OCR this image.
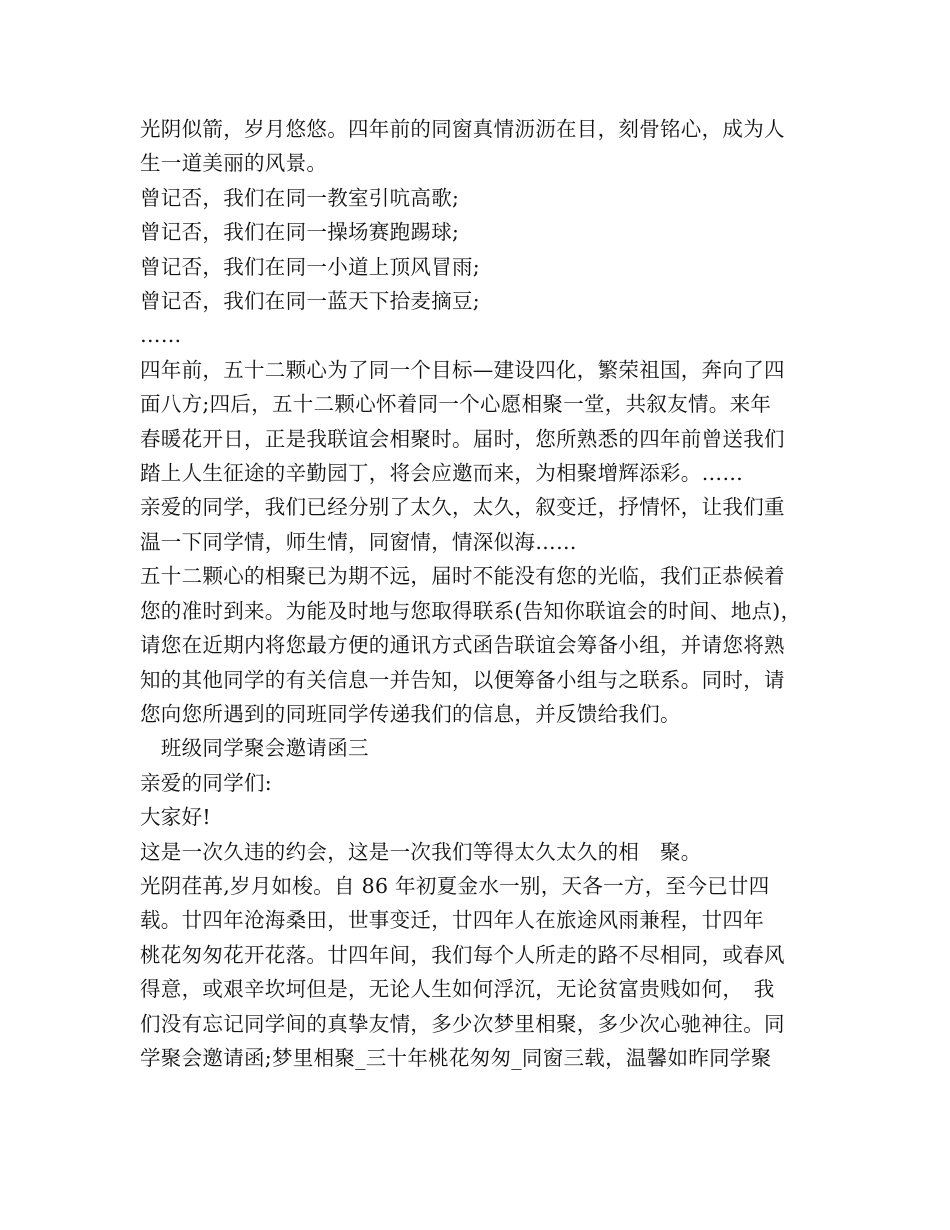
光阴似箭，岁月悠悠。四年前的同窗真情沥沥在目，刻骨铭心，成为人

生一道美丽的风景。

曾记否，我们在同一教室引吭高歌;

曾记否，我们在同一操场赛跑踢球;

曾记否，我们在同一小道上顶风冒雨;

曾记否，我们在同一蓝天下拾麦摘豆;

……

四年前，五十二颗心为了同一个目标—建设四化，繁荣祖国，奔向了四

面八方;四后，五十二颗心怀着同一个心愿相聚一堂，共叙友情。来年

春暖花开日，正是我联谊会相聚时。届时，您所熟悉的四年前曾送我们

踏上人生征途的辛勤园丁，将会应邀而来，为相聚增辉添彩。……

亲爱的同学，我们已经分别了太久，太久，叙变迁，抒情怀，让我们重

温一下同学情，师生情，同窗情，情深似海……

五十二颗心的相聚已为期不远，届时不能没有您的光临，我们正恭候着

您的准时到来。为能及时地与您取得联系(告知你联谊会的时间、地点)，

请您在近期内将您最方便的通讯方式函告联谊会筹备小组，并请您将熟

知的其他同学的有关信息一并告知，以便筹备小组与之联系。同时，请

您向您所遇到的同班同学传递我们的信息，并反馈给我们。

　班级同学聚会邀请函三

亲爱的同学们:

大家好!

这是一次久违的约会，这是一次我们等得太久太久的相　聚。

光阴荏苒,岁月如梭。自 86 年初夏金水一别，天各一方，至今已廿四

载。廿四年沧海桑田，世事变迁，廿四年人在旅途风雨兼程，廿四年

桃花匆匆花开花落。廿四年间，我们每个人所走的路不尽相同，或春风

得意，或艰辛坎坷但是，无论人生如何浮沉，无论贫富贵贱如何，　我

们没有忘记同学间的真挚友情，多少次梦里相聚，多少次心驰神往。同

学聚会邀请函;梦里相聚_三十年桃花匆匆_同窗三载，温馨如昨同学聚
